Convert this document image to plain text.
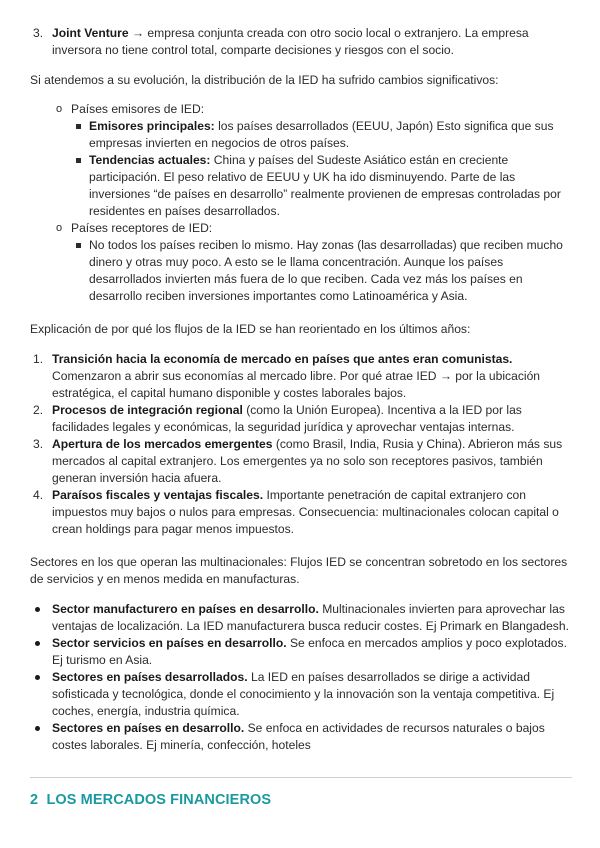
3. Joint Venture → empresa conjunta creada con otro socio local o extranjero. La empresa inversora no tiene control total, comparte decisiones y riesgos con el socio.

Si atendemos a su evolución, la distribución de la IED ha sufrido cambios significativos:

o Países emisores de IED:

Emisores principales: los países desarrollados (EEUU, Japón) Esto significa que sus empresas invierten en negocios de otros países.

Tendencias actuales: China y países del Sudeste Asiático están en creciente participación. El peso relativo de EEUU y UK ha ido disminuyendo. Parte de las inversiones “de países en desarrollo” realmente provienen de empresas controladas por residentes en países desarrollados.

o Países receptores de IED:

No todos los países reciben lo mismo. Hay zonas (las desarrolladas) que reciben mucho dinero y otras muy poco. A esto se le llama concentración. Aunque los países desarrollados invierten más fuera de lo que reciben. Cada vez más los países en desarrollo reciben inversiones importantes como Latinoamérica y Asia.

Explicación de por qué los flujos de la IED se han reorientado en los últimos años:

1. Transición hacia la economía de mercado en países que antes eran comunistas. Comenzaron a abrir sus economías al mercado libre. Por qué atrae IED → por la ubicación estratégica, el capital humano disponible y costes laborales bajos.

2. Procesos de integración regional (como la Unión Europea). Incentiva a la IED por las facilidades legales y económicas, la seguridad jurídica y aprovechar ventajas internas.

3. Apertura de los mercados emergentes (como Brasil, India, Rusia y China). Abrieron más sus mercados al capital extranjero. Los emergentes ya no solo son receptores pasivos, también generan inversión hacia afuera.

4. Paraísos fiscales y ventajas fiscales. Importante penetración de capital extranjero con impuestos muy bajos o nulos para empresas. Consecuencia: multinacionales colocan capital o crean holdings para pagar menos impuestos.

Sectores en los que operan las multinacionales: Flujos IED se concentran sobretodo en los sectores de servicios y en menos medida en manufacturas.

Sector manufacturero en países en desarrollo. Multinacionales invierten para aprovechar las ventajas de localización. La IED manufacturera busca reducir costes. Ej Primark en Blangadesh.

Sector servicios en países en desarrollo. Se enfoca en mercados amplios y poco explotados. Ej turismo en Asia.

Sectores en países desarrollados. La IED en países desarrollados se dirige a actividad sofisticada y tecnológica, donde el conocimiento y la innovación son la ventaja competitiva. Ej coches, energía, industria química.

Sectores en países en desarrollo. Se enfoca en actividades de recursos naturales o bajos costes laborales. Ej minería, confección, hoteles

2 LOS MERCADOS FINANCIEROS
